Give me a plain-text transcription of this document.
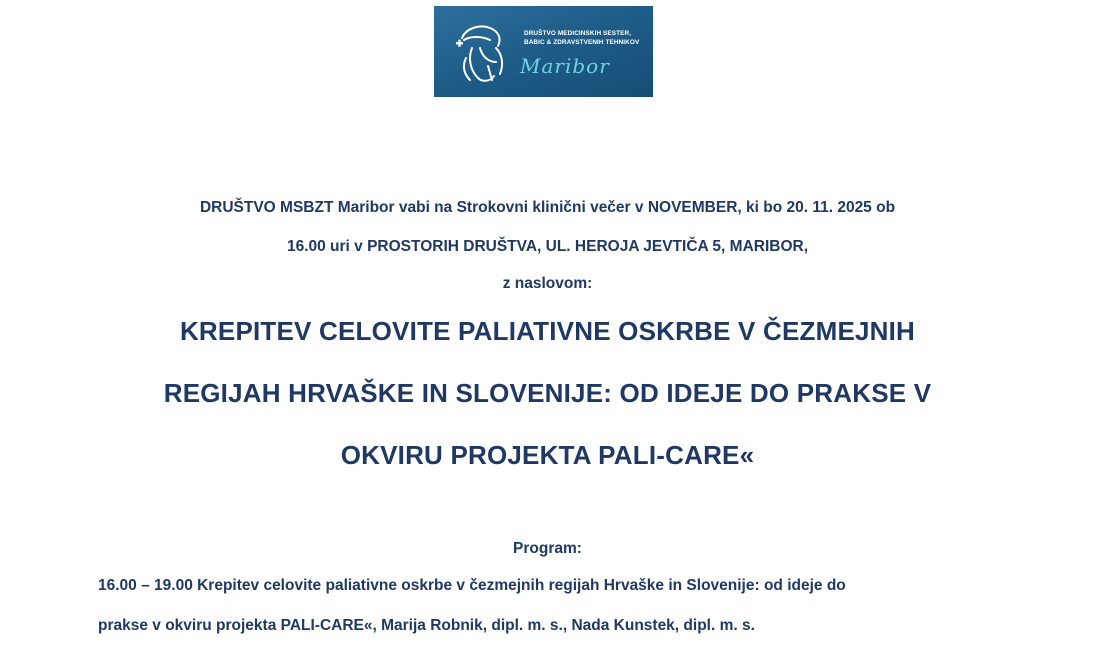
DRUŠTVO MEDICINSKIH SESTER,
BABIC & ZDRAVSTVENIH TEHNIKOV
Maribor
DRUŠTVO MSBZT Maribor vabi na Strokovni klinični večer v NOVEMBER, ki bo 20. 11. 2025 ob
16.00 uri v PROSTORIH DRUŠTVA, UL. HEROJA JEVTIČA 5, MARIBOR,
z naslovom:
KREPITEV CELOVITE PALIATIVNE OSKRBE V ČEZMEJNIH
REGIJAH HRVAŠKE IN SLOVENIJE: OD IDEJE DO PRAKSE V
OKVIRU PROJEKTA PALI-CARE«
Program:
16.00 – 19.00 Krepitev celovite paliativne oskrbe v čezmejnih regijah Hrvaške in Slovenije: od ideje do
prakse v okviru projekta PALI-CARE«, Marija Robnik, dipl. m. s., Nada Kunstek, dipl. m. s.
